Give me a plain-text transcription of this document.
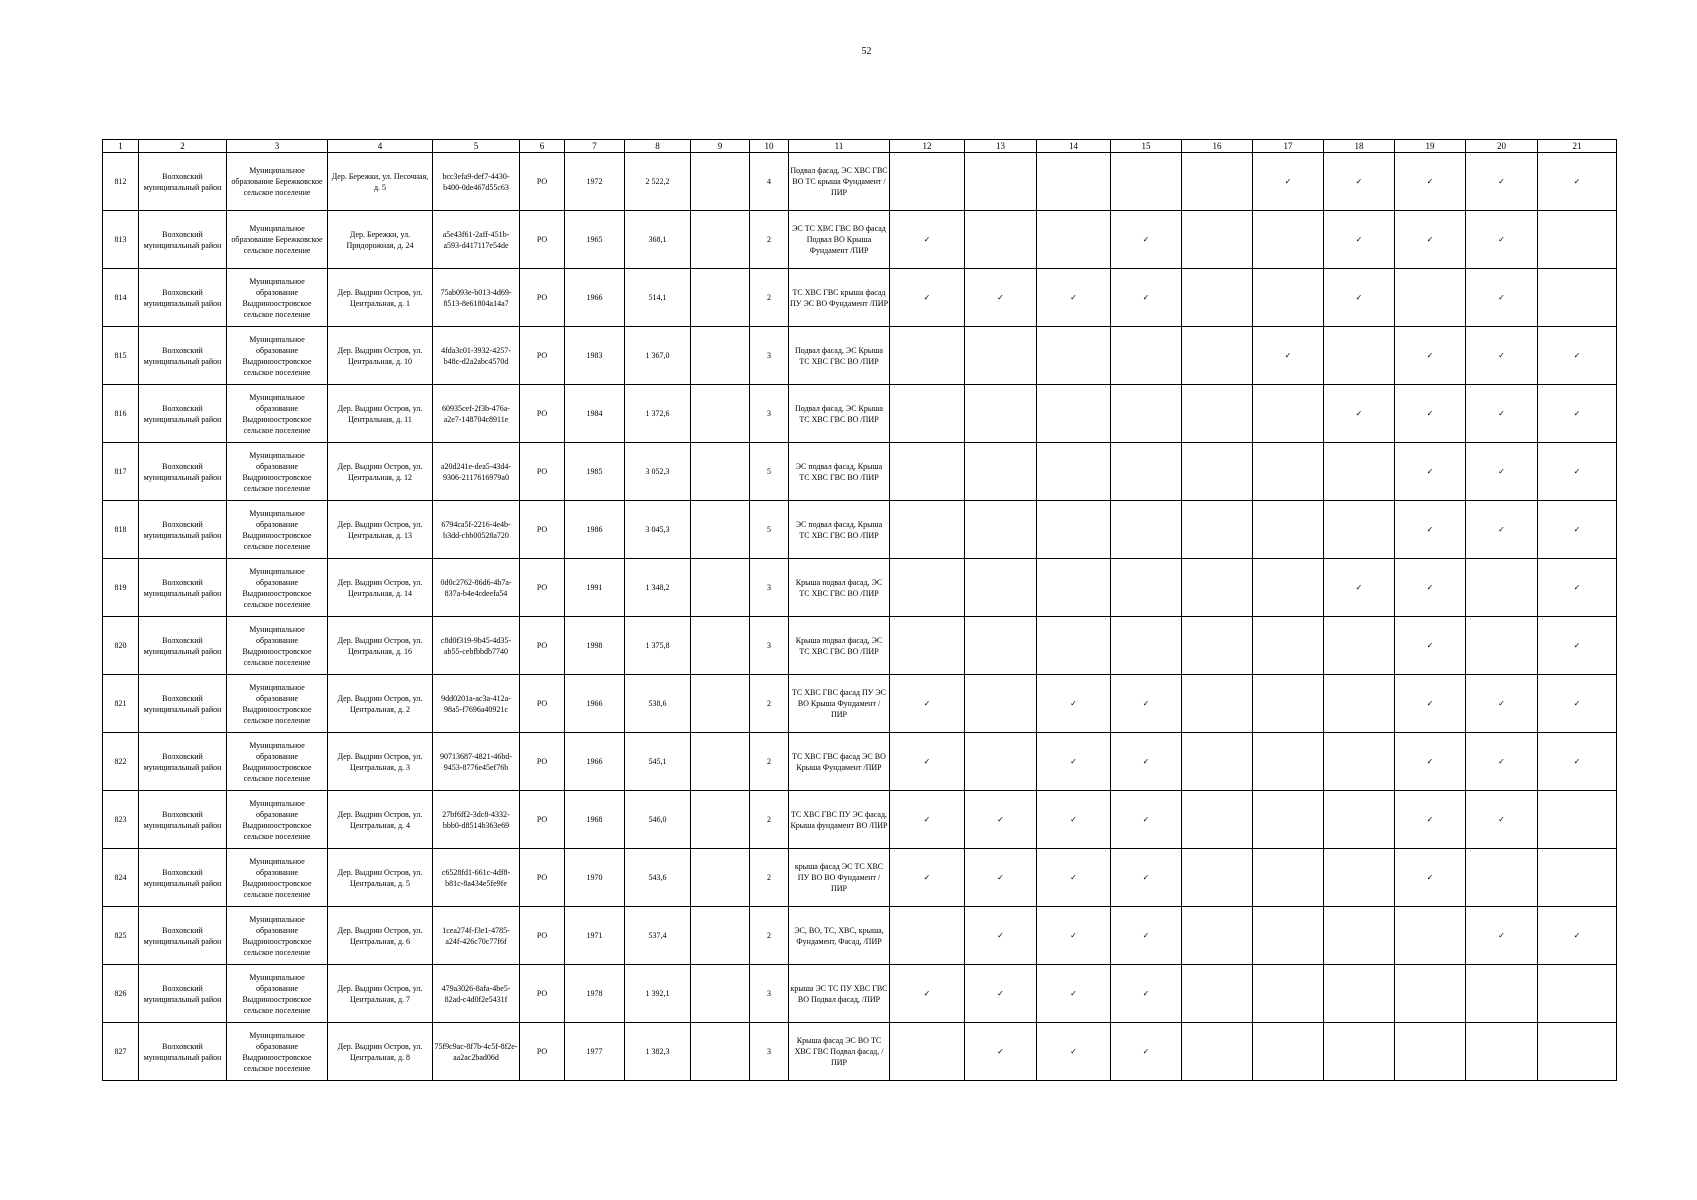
52
1	2	3	4	5	6	7	8	9	10	11	12	13	14	15	16	17	18	19	20	21
812	Волховский муниципальный район	Муниципальное образование Бережковское сельское поселение	Дер. Бережки, ул. Песочная, д. 5	bcc3efa9-def7-4430-b400-0de467d55c63	РО	1972	2 522,2		4	Подвал фасад, ЭС ХВС ГВС ВО ТС крыша Фундамент /ПИР						✓	✓	✓	✓	✓
813	Волховский муниципальный район	Муниципальное образование Бережковское сельское поселение	Дер. Бережки, ул. Придорожная, д. 24	a5e43f61-2aff-451b-a593-d417117e54de	РО	1965	368,1		2	ЭС ТС ХВС ГВС ВО фасад Подвал ВО Крыша Фундамент /ПИР	✓			✓			✓	✓	✓	
814	Волховский муниципальный район	Муниципальное образование Выдринoостровское сельское поселение	Дер. Выдрин Остров, ул. Центральная, д. 1	75ab093e-b013-4d69-8513-8e61804a14a7	РО	1966	514,1		2	ТС ХВС ГВС крыша фасад ПУ ЭС ВО Фундамент /ПИР	✓	✓	✓	✓			✓		✓	
815	Волховский муниципальный район	Муниципальное образование Выдринoостровское сельское поселение	Дер. Выдрин Остров, ул. Центральная, д. 10	4fda3c01-3932-4257-b48c-d2a2abc4570d	РО	1983	1 367,0		3	Подвал фасад, ЭС Крыша ТС ХВС ГВС ВО /ПИР						✓		✓	✓	✓
816	Волховский муниципальный район	Муниципальное образование Выдринoостровское сельское поселение	Дер. Выдрин Остров, ул. Центральная, д. 11	60935cef-2f3b-476a-a2e7-148704c8911e	РО	1984	1 372,6		3	Подвал фасад, ЭС Крыша ТС ХВС ГВС ВО /ПИР							✓	✓	✓	✓
817	Волховский муниципальный район	Муниципальное образование Выдринoостровское сельское поселение	Дер. Выдрин Остров, ул. Центральная, д. 12	a20d241e-dea5-43d4-9306-2117616979a0	РО	1985	3 052,3		5	ЭС подвал фасад, Крыша ТС ХВС ГВС ВО /ПИР								✓	✓	✓
818	Волховский муниципальный район	Муниципальное образование Выдринoостровское сельское поселение	Дер. Выдрин Остров, ул. Центральная, д. 13	6794ca5f-2216-4e4b-b3dd-cbb00528a720	РО	1986	3 045,3		5	ЭС подвал фасад, Крыша ТС ХВС ГВС ВО /ПИР								✓	✓	✓
819	Волховский муниципальный район	Муниципальное образование Выдринoостровское сельское поселение	Дер. Выдрин Остров, ул. Центральная, д. 14	0d0c2762-86d6-4b7a-837a-b4e4cdeefa54	РО	1991	1 348,2		3	Крыша подвал фасад, ЭС ТС ХВС ГВС ВО /ПИР							✓	✓		✓
820	Волховский муниципальный район	Муниципальное образование Выдринoостровское сельское поселение	Дер. Выдрин Остров, ул. Центральная, д. 16	c8d0f319-9b45-4d35-ab55-cebfbbdb7740	РО	1998	1 375,8		3	Крыша подвал фасад, ЭС ТС ХВС ГВС ВО /ПИР								✓		✓
821	Волховский муниципальный район	Муниципальное образование Выдринoостровское сельское поселение	Дер. Выдрин Остров, ул. Центральная, д. 2	9dd0201a-ac3a-412a-98a5-f7696a40921c	РО	1966	538,6		2	ТС ХВС ГВС фасад ПУ ЭС ВО Крыша Фундамент /ПИР	✓		✓	✓				✓	✓	✓
822	Волховский муниципальный район	Муниципальное образование Выдринoостровское сельское поселение	Дер. Выдрин Остров, ул. Центральная, д. 3	90713687-4821-46bd-9453-8776e45ef76b	РО	1966	545,1		2	ТС ХВС ГВС фасад ЭС ВО Крыша Фундамент /ПИР	✓		✓	✓				✓	✓	✓
823	Волховский муниципальный район	Муниципальное образование Выдринoостровское сельское поселение	Дер. Выдрин Остров, ул. Центральная, д. 4	27bf6ff2-3dc8-4332-bbb0-d8514b363e69	РО	1968	546,0		2	ТС ХВС ГВС ПУ ЭС фасад, Крыша фундамент ВО /ПИР	✓	✓	✓	✓				✓	✓	
824	Волховский муниципальный район	Муниципальное образование Выдринoостровское сельское поселение	Дер. Выдрин Остров, ул. Центральная, д. 5	c6528fd1-661c-4df8-b81c-8a434e5fe9fe	РО	1970	543,6		2	крыша фасад ЭС ТС ХВС ПУ ВО ВО Фундамент /ПИР	✓	✓	✓	✓				✓		
825	Волховский муниципальный район	Муниципальное образование Выдринoостровское сельское поселение	Дер. Выдрин Остров, ул. Центральная, д. 6	1cea274f-f3e1-4785-a24f-426c70c77f6f	РО	1971	537,4		2	ЭС, ВО, ТС, ХВС, крыша, Фундамент, Фасад, /ПИР		✓	✓	✓					✓	✓
826	Волховский муниципальный район	Муниципальное образование Выдринoостровское сельское поселение	Дер. Выдрин Остров, ул. Центральная, д. 7	479a3026-8afa-4be5-82ad-c4d0f2e5431f	РО	1978	1 392,1		3	крыша ЭС ТС ПУ ХВС ГВС ВО Подвал фасад, /ПИР	✓	✓	✓	✓						
827	Волховский муниципальный район	Муниципальное образование Выдринoостровское сельское поселение	Дер. Выдрин Остров, ул. Центральная, д. 8	75f9c9ac-8f7b-4c5f-8f2e-aa2ac2bad06d	РО	1977	1 382,3		3	Крыша фасад ЭС ВО ТС ХВС ГВС Подвал фасад, /ПИР		✓	✓	✓						
